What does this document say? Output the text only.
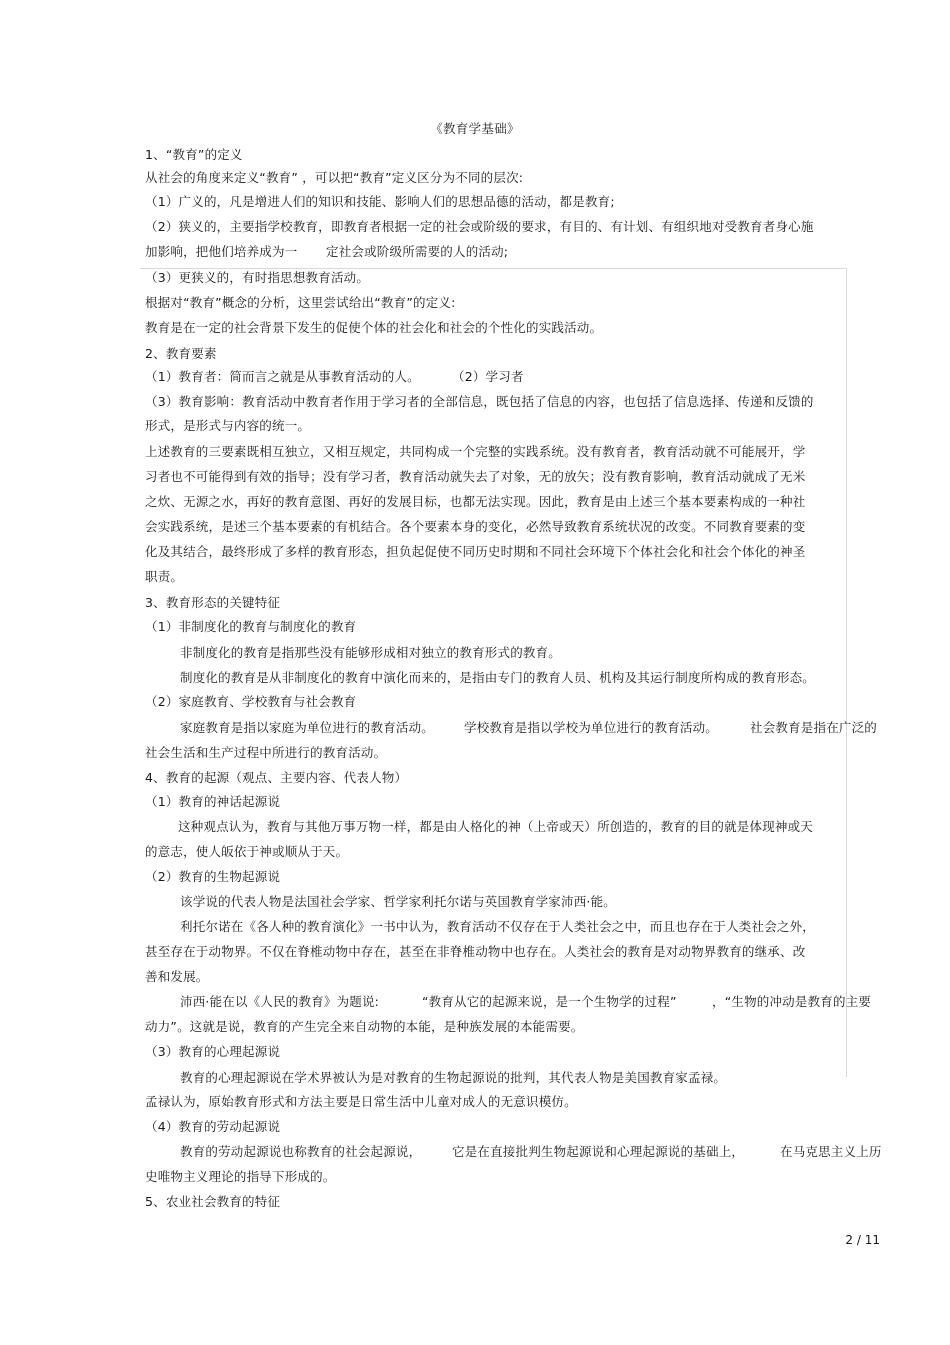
《教育学基础》
1、“教育”的定义
从社会的角度来定义“教育” ，可以把“教育”定义区分为不同的层次:
（1）广义的，凡是增进人们的知识和技能、影响人们的思想品德的活动，都是教育;
（2）狭义的，主要指学校教育，即教育者根据一定的社会或阶级的要求，有目的、有计划、有组织地对受教育者身心施
加影响，把他们培养成为一 定社会或阶级所需要的人的活动;
（3）更狭义的，有时指思想教育活动。
根据对“教育”概念的分析，这里尝试给出“教育”的定义:
教育是在一定的社会背景下发生的促使个体的社会化和社会的个性化的实践活动。
2、教育要素
（1）教育者：简而言之就是从事教育活动的人。	（2）学习者
（3）教育影响：教育活动中教育者作用于学习者的全部信息，既包括了信息的内容，也包括了信息选择、传递和反馈的
形式，是形式与内容的统一。
上述教育的三要素既相互独立，又相互规定，共同构成一个完整的实践系统。没有教育者，教育活动就不可能展开，学
习者也不可能得到有效的指导；没有学习者，教育活动就失去了对象，无的放矢；没有教育影响，教育活动就成了无米
之炊、无源之水，再好的教育意图、再好的发展目标，也都无法实现。因此，教育是由上述三个基本要素构成的一种社
会实践系统，是述三个基本要素的有机结合。各个要素本身的变化，必然导致教育系统状况的改变。不同教育要素的变
化及其结合，最终形成了多样的教育形态，担负起促使不同历史时期和不同社会环境下个体社会化和社会个体化的神圣
职责。
3、教育形态的关键特征
（1）非制度化的教育与制度化的教育
非制度化的教育是指那些没有能够形成相对独立的教育形式的教育。
制度化的教育是从非制度化的教育中演化而来的，是指由专门的教育人员、机构及其运行制度所构成的教育形态。
（2）家庭教育、学校教育与社会教育
家庭教育是指以家庭为单位进行的教育活动。 学校教育是指以学校为单位进行的教育活动。	社会教育是指在广泛的
社会生活和生产过程中所进行的教育活动。
4、教育的起源（观点、主要内容、代表人物）
（1）教育的神话起源说
这种观点认为，教育与其他万事万物一样，都是由人格化的神（上帝或天）所创造的，教育的目的就是体现神或天
的意志，使人皈依于神或顺从于天。
（2）教育的生物起源说
该学说的代表人物是法国社会学家、哲学家利托尔诺与英国教育学家沛西·能。
利托尔诺在《各人种的教育演化》一书中认为，教育活动不仅存在于人类社会之中，而且也存在于人类社会之外，
甚至存在于动物界。不仅在脊椎动物中存在，甚至在非脊椎动物中也存在。人类社会的教育是对动物界教育的继承、改
善和发展。
沛西·能在以《人民的教育》为题说:	“教育从它的起源来说，是一个生物学的过程”	，“生物的冲动是教育的主要
动力”。这就是说，教育的产生完全来自动物的本能，是种族发展的本能需要。
（3）教育的心理起源说
教育的心理起源说在学术界被认为是对教育的生物起源说的批判，其代表人物是美国教育家孟禄。
孟禄认为，原始教育形式和方法主要是日常生活中儿童对成人的无意识模仿。
（4）教育的劳动起源说
教育的劳动起源说也称教育的社会起源说， 它是在直接批判生物起源说和心理起源说的基础上，	在马克思主义上历
史唯物主义理论的指导下形成的。
5、农业社会教育的特征
2 / 11
